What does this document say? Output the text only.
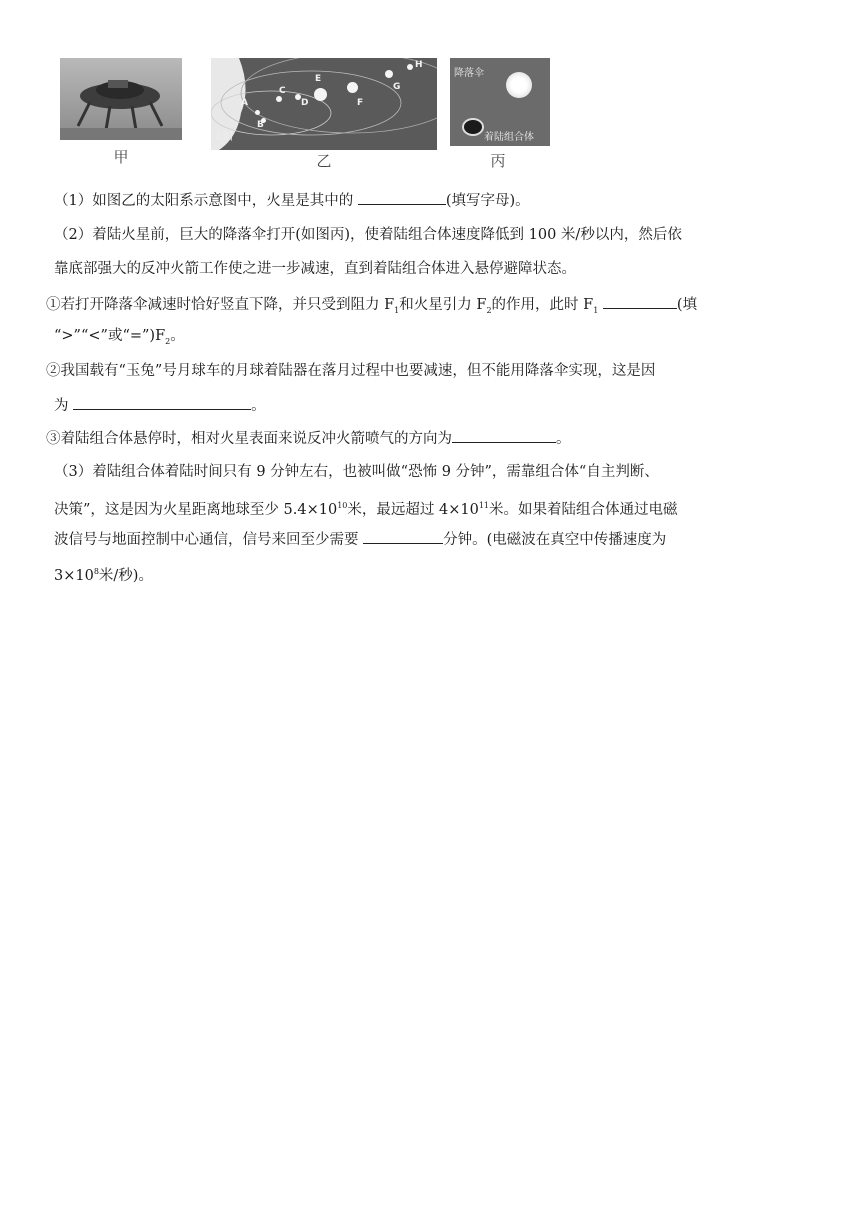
甲
太阳
A
B
C
D
E
F
G
H
乙
降落伞
着陆组合体
丙
（1）如图乙的太阳系示意图中，火星是其中的	(填写字母)。
（2）着陆火星前，巨大的降落伞打开(如图丙)，使着陆组合体速度降低到 100 米/秒以内，然后依
靠底部强大的反冲火箭工作使之进一步减速，直到着陆组合体进入悬停避障状态。
①若打开降落伞减速时恰好竖直下降，并只受到阻力 $F_1$和火星引力 $F_2$的作用，此时 $F_1$	(填
“>”“<”或“$=”)F_2$。
②我国载有“玉兔”号月球车的月球着陆器在落月过程中也要减速，但不能用降落伞实现，这是因
为	。
③着陆组合体悬停时，相对火星表面来说反冲火箭喷气的方向为	。
（3）着陆组合体着陆时间只有 9 分钟左右，也被叫做“恐怖 9 分钟”，需靠组合体“自主判断、
决策”，这是因为火星距离地球至少 $5.4\times 10^{10}$米，最远超过 $4\times 10^{11}$米。如果着陆组合体通过电磁
波信号与地面控制中心通信，信号来回至少需要	分钟。(电磁波在真空中传播速度为
$3\times 10^8$米/秒)。
